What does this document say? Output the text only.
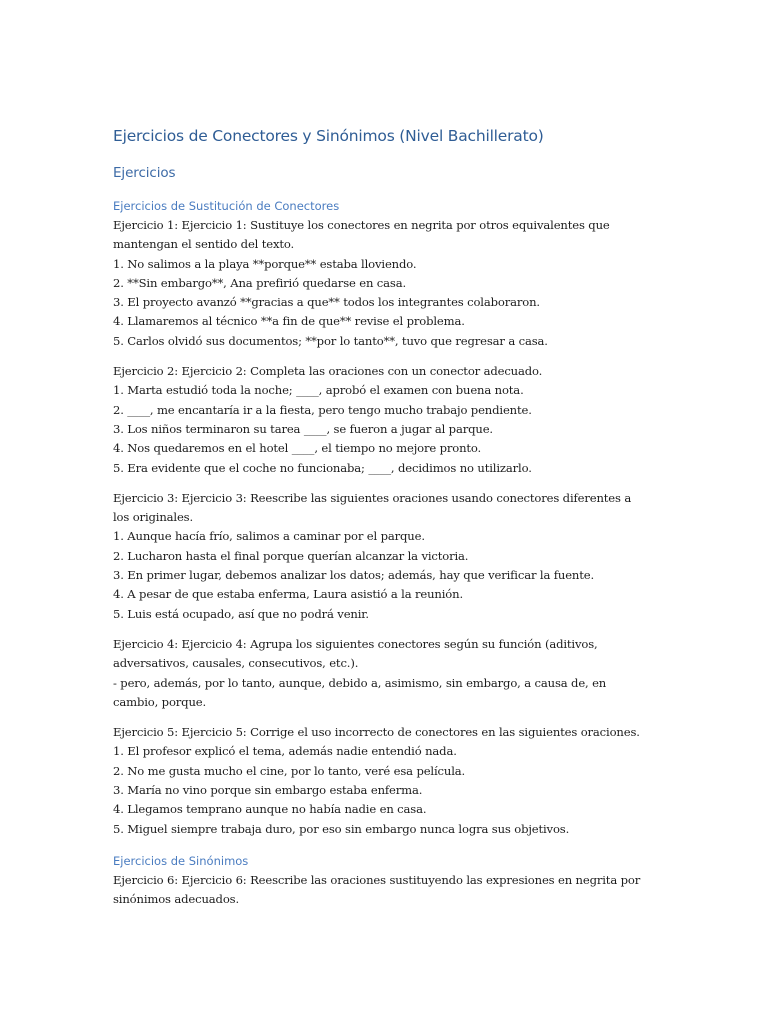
Ejercicios de Conectores y Sinónimos (Nivel Bachillerato)
Ejercicios
Ejercicios de Sustitución de Conectores
Ejercicio 1: Ejercicio 1: Sustituye los conectores en negrita por otros equivalentes que
mantengan el sentido del texto.
1. No salimos a la playa **porque** estaba lloviendo.
2. **Sin embargo**, Ana prefirió quedarse en casa.
3. El proyecto avanzó **gracias a que** todos los integrantes colaboraron.
4. Llamaremos al técnico **a fin de que** revise el problema.
5. Carlos olvidó sus documentos; **por lo tanto**, tuvo que regresar a casa.
Ejercicio 2: Ejercicio 2: Completa las oraciones con un conector adecuado.
1. Marta estudió toda la noche; ____, aprobó el examen con buena nota.
2. ____, me encantaría ir a la fiesta, pero tengo mucho trabajo pendiente.
3. Los niños terminaron su tarea ____, se fueron a jugar al parque.
4. Nos quedaremos en el hotel ____, el tiempo no mejore pronto.
5. Era evidente que el coche no funcionaba; ____, decidimos no utilizarlo.
Ejercicio 3: Ejercicio 3: Reescribe las siguientes oraciones usando conectores diferentes a
los originales.
1. Aunque hacía frío, salimos a caminar por el parque.
2. Lucharon hasta el final porque querían alcanzar la victoria.
3. En primer lugar, debemos analizar los datos; además, hay que verificar la fuente.
4. A pesar de que estaba enferma, Laura asistió a la reunión.
5. Luis está ocupado, así que no podrá venir.
Ejercicio 4: Ejercicio 4: Agrupa los siguientes conectores según su función (aditivos,
adversativos, causales, consecutivos, etc.).
- pero, además, por lo tanto, aunque, debido a, asimismo, sin embargo, a causa de, en
cambio, porque.
Ejercicio 5: Ejercicio 5: Corrige el uso incorrecto de conectores en las siguientes oraciones.
1. El profesor explicó el tema, además nadie entendió nada.
2. No me gusta mucho el cine, por lo tanto, veré esa película.
3. María no vino porque sin embargo estaba enferma.
4. Llegamos temprano aunque no había nadie en casa.
5. Miguel siempre trabaja duro, por eso sin embargo nunca logra sus objetivos.
Ejercicios de Sinónimos
Ejercicio 6: Ejercicio 6: Reescribe las oraciones sustituyendo las expresiones en negrita por
sinónimos adecuados.
